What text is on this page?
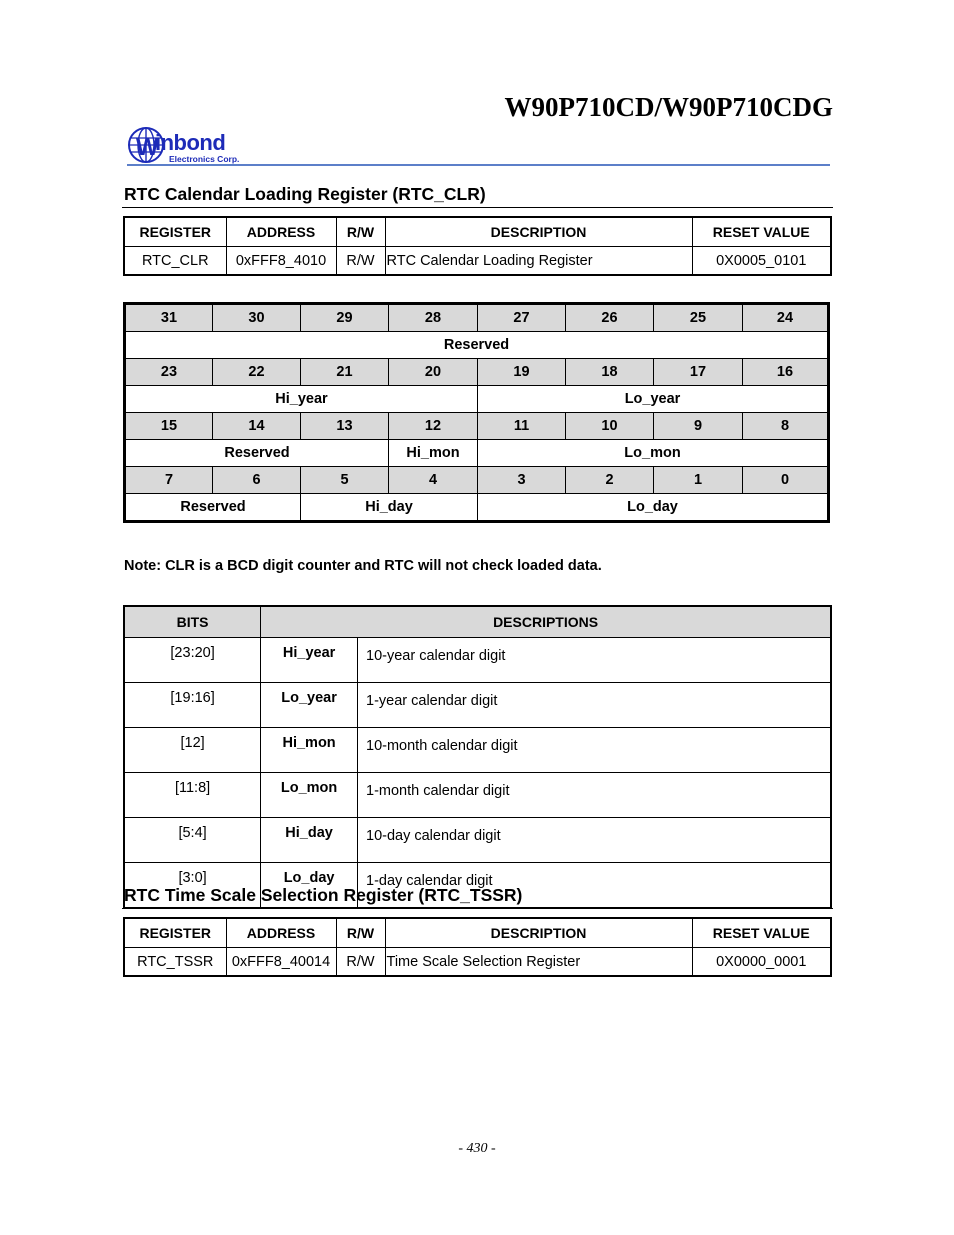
W90P710CD/W90P710CDG
W
inbond
Electronics Corp.
RTC Calendar Loading Register (RTC_CLR)
REGISTER	ADDRESS	R/W	DESCRIPTION	RESET VALUE
RTC_CLR	0xFFF8_4010	R/W	RTC Calendar Loading Register	0X0005_0101
31	30	29	28	27	26	25	24
Reserved							
23	22	21	20	19	18	17	16
Hi_year				Lo_year			
15	14	13	12	11	10	9	8
Reserved			Hi_mon	Lo_mon			
7	6	5	4	3	2	1	0
Reserved		Hi_day		Lo_day			

Note: CLR is a BCD digit counter and RTC will not check loaded data.

BITS	DESCRIPTIONS	
[23:20]	Hi_year	10-year calendar digit
[19:16]	Lo_year	1-year calendar digit
[12]	Hi_mon	10-month calendar digit
[11:8]	Lo_mon	1-month calendar digit
[5:4]	Hi_day	10-day calendar digit
[3:0]	Lo_day	1-day calendar digit
RTC Time Scale Selection Register (RTC_TSSR)
REGISTER	ADDRESS	R/W	DESCRIPTION	RESET VALUE
RTC_TSSR	0xFFF8_40014	R/W	Time Scale Selection Register	0X0000_0001
- 430 -
